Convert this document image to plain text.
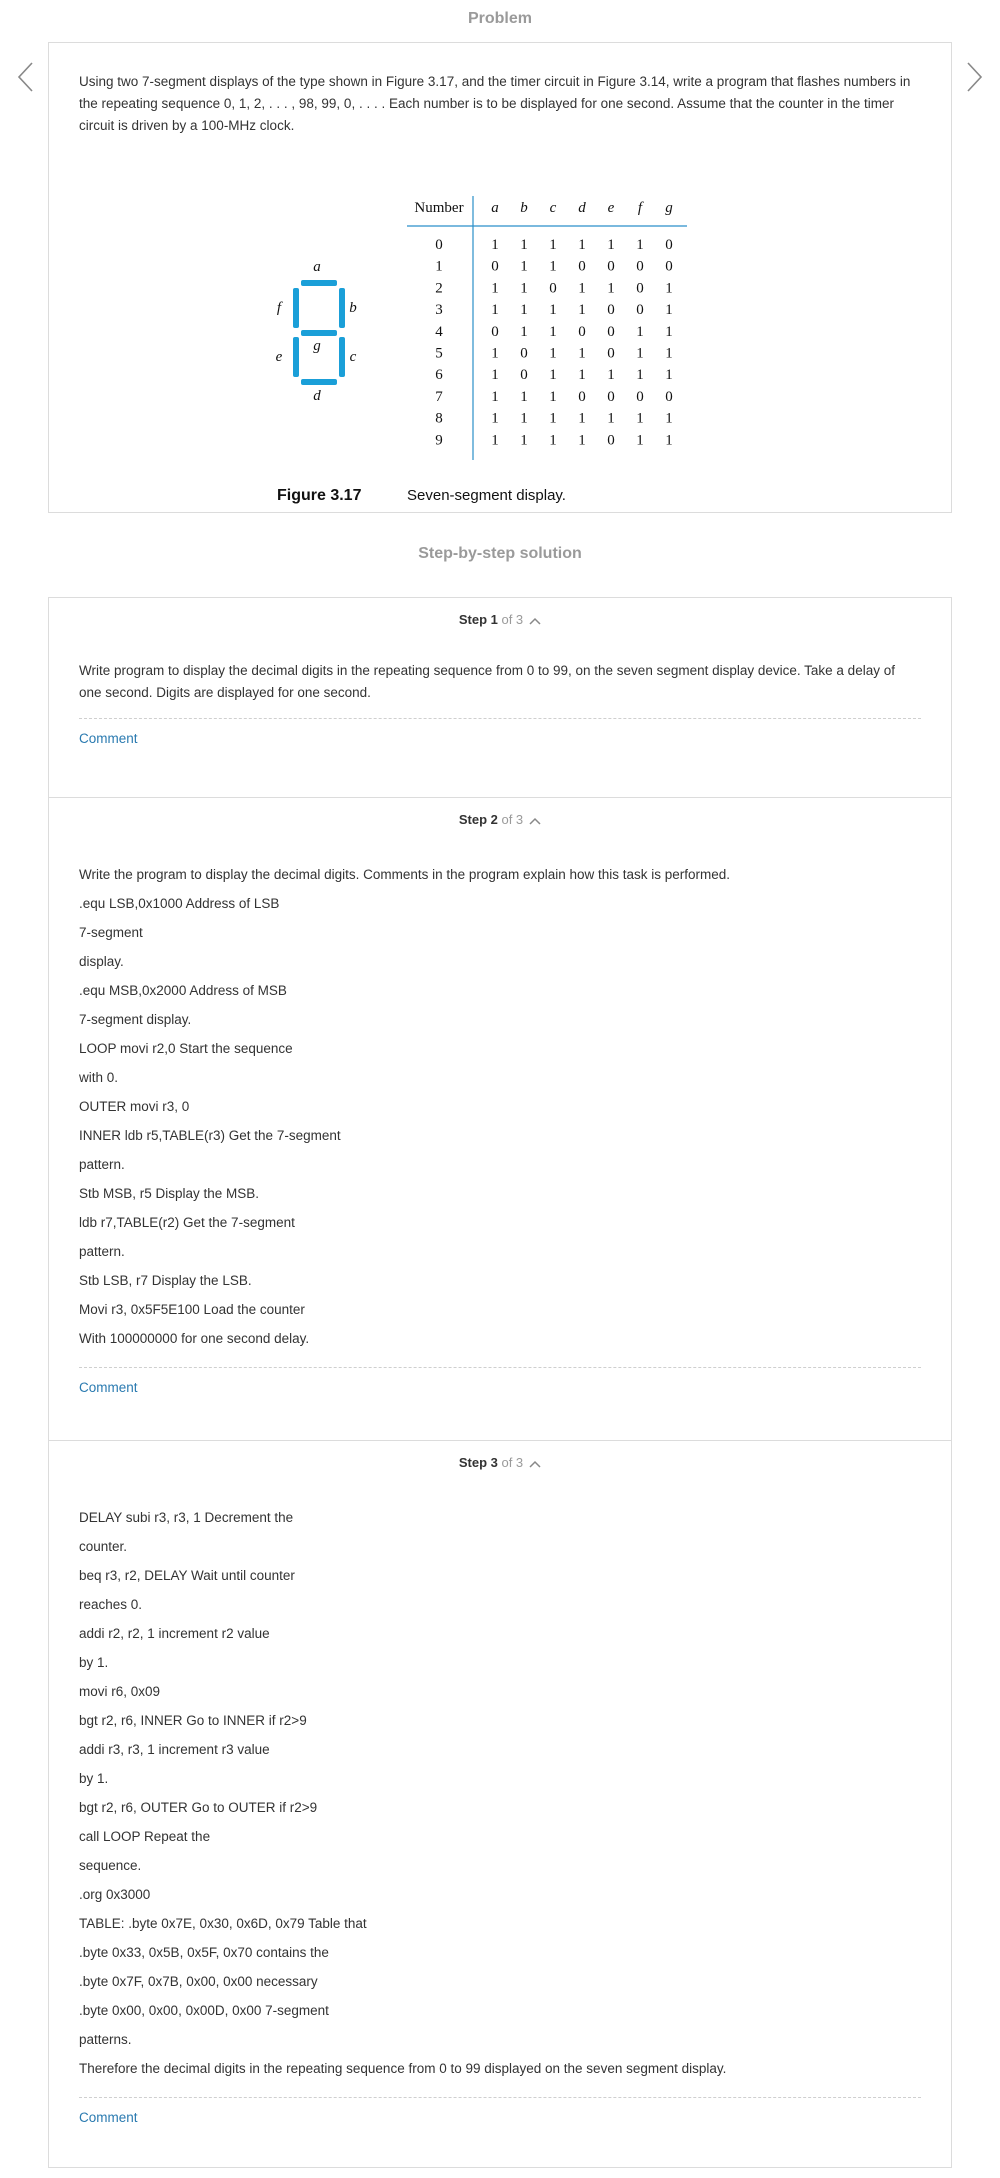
Problem
Using two 7-segment displays of the type shown in Figure 3.17, and the timer circuit in Figure 3.14, write a program that flashes numbers in the repeating sequence 0, 1, 2, . . . , 98, 99, 0, . . . . Each number is to be displayed for one second. Assume that the counter in the timer circuit is driven by a 100-MHz clock.
a
b
c
d
e
f
g
Number a b c d e f g
0	1 1 1 1 1 1 0
1	0 1 1 0 0 0 0
2	1 1 0 1 1 0 1
3	1 1 1 1 0 0 1
4	0 1 1 0 0 1 1
5	1 0 1 1 0 1 1
6	1 0 1 1 1 1 1
7	1 1 1 0 0 0 0
8	1 1 1 1 1 1 1
9	1 1 1 1 0 1 1
Figure 3.17	Seven-segment display.
Step-by-step solution
Step 1 of 3

Write program to display the decimal digits in the repeating sequence from 0 to 99, on the seven segment display device. Take a delay of one second. Digits are displayed for one second.

Comment
Step 2 of 3

Write the program to display the decimal digits. Comments in the program explain how this task is performed.

.equ LSB,0x1000 Address of LSB

7-segment

display.

.equ MSB,0x2000 Address of MSB

7-segment display.

LOOP movi r2,0 Start the sequence

with 0.

OUTER movi r3, 0

INNER ldb r5,TABLE(r3) Get the 7-segment

pattern.

Stb MSB, r5 Display the MSB.

ldb r7,TABLE(r2) Get the 7-segment

pattern.

Stb LSB, r7 Display the LSB.

Movi r3, 0x5F5E100 Load the counter

With 100000000 for one second delay.

Comment
Step 3 of 3

DELAY subi r3, r3, 1 Decrement the

counter.

beq r3, r2, DELAY Wait until counter

reaches 0.

addi r2, r2, 1 increment r2 value

by 1.

movi r6, 0x09

bgt r2, r6, INNER Go to INNER if r2>9

addi r3, r3, 1 increment r3 value

by 1.

bgt r2, r6, OUTER Go to OUTER if r2>9

call LOOP Repeat the

sequence.

.org 0x3000

TABLE: .byte 0x7E, 0x30, 0x6D, 0x79 Table that

.byte 0x33, 0x5B, 0x5F, 0x70 contains the

.byte 0x7F, 0x7B, 0x00, 0x00 necessary

.byte 0x00, 0x00, 0x00D, 0x00 7-segment

patterns.

Therefore the decimal digits in the repeating sequence from 0 to 99 displayed on the seven segment display.

Comment
